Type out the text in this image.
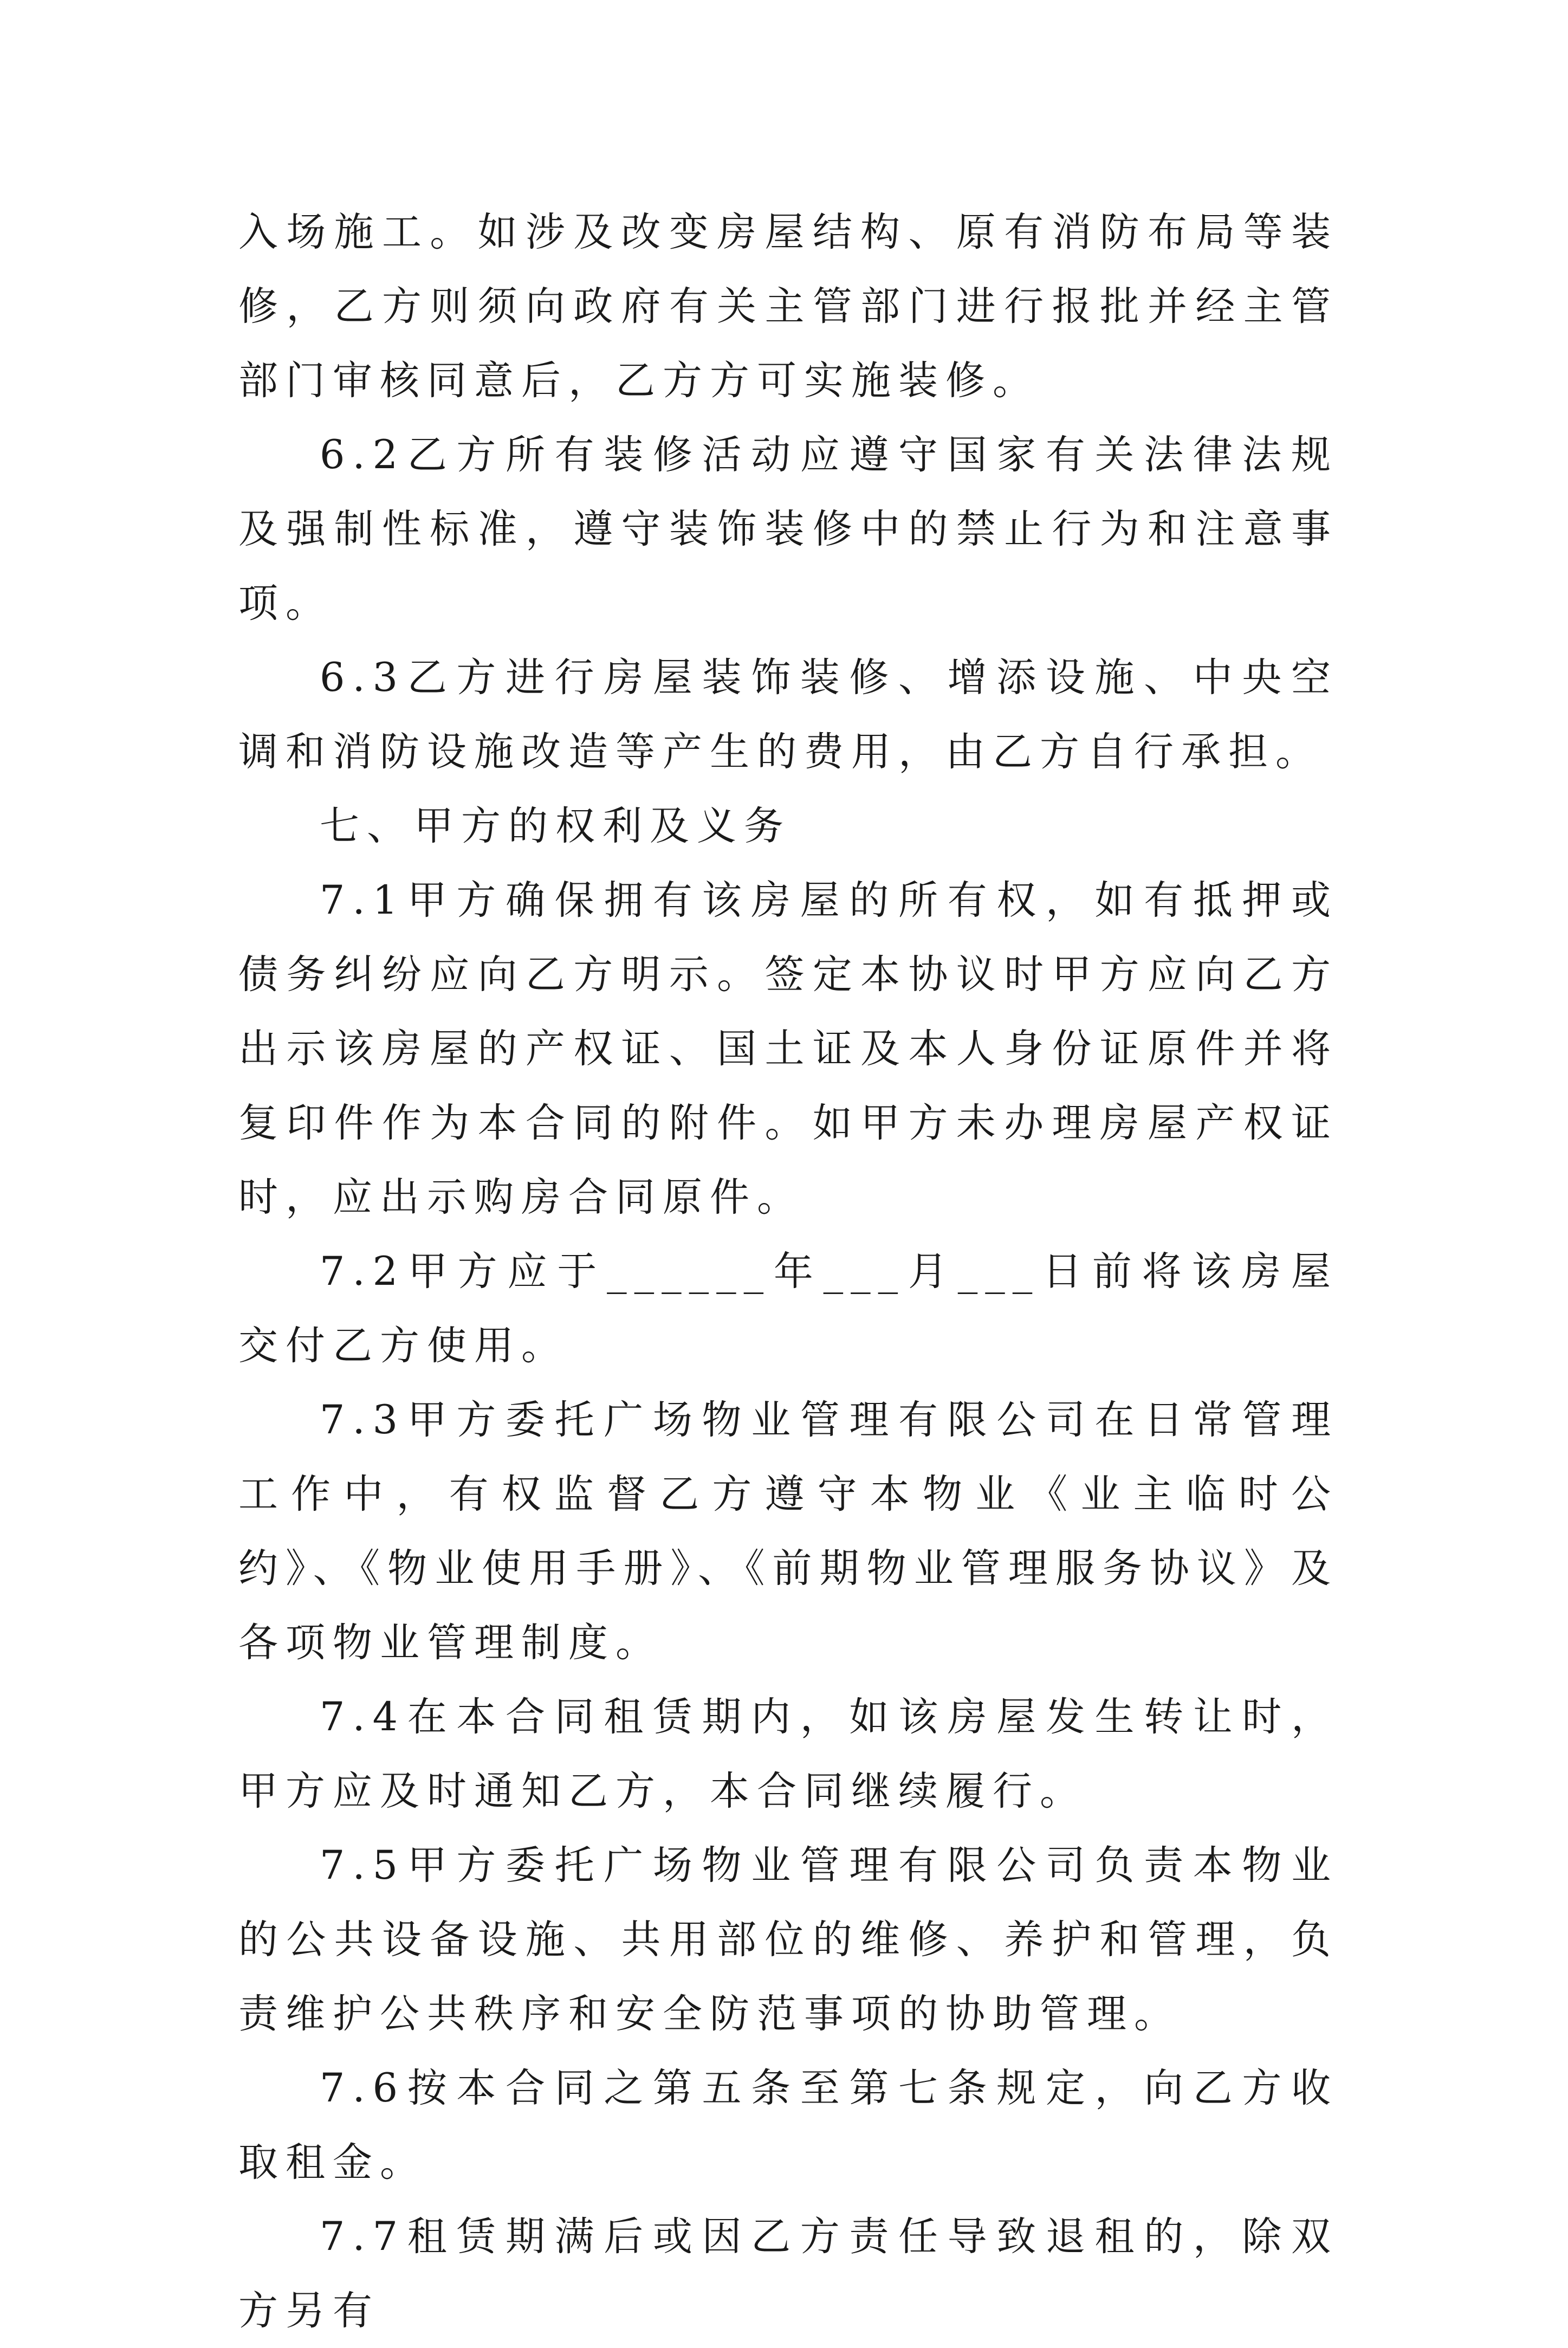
入场施工。如涉及改变房屋结构、原有消防布局等装修，乙方则须向政府有关主管部门进行报批并经主管部门审核同意后，乙方方可实施装修。

6.2乙方所有装修活动应遵守国家有关法律法规及强制性标准，遵守装饰装修中的禁止行为和注意事项。

6.3乙方进行房屋装饰装修、增添设施、中央空调和消防设施改造等产生的费用，由乙方自行承担。

七、甲方的权利及义务

7.1甲方确保拥有该房屋的所有权，如有抵押或债务纠纷应向乙方明示。签定本协议时甲方应向乙方出示该房屋的产权证、国土证及本人身份证原件并将复印件作为本合同的附件。如甲方未办理房屋产权证时，应出示购房合同原件。

7.2甲方应于______年___月___日前将该房屋交付乙方使用。

7.3甲方委托广场物业管理有限公司在日常管理工作中，有权监督乙方遵守本物业《业主临时公约》、《物业使用手册》、《前期物业管理服务协议》及各项物业管理制度。

7.4在本合同租赁期内，如该房屋发生转让时，甲方应及时通知乙方，本合同继续履行。

7.5甲方委托广场物业管理有限公司负责本物业的公共设备设施、共用部位的维修、养护和管理，负责维护公共秩序和安全防范事项的协助管理。

7.6按本合同之第五条至第七条规定，向乙方收取租金。

7.7租赁期满后或因乙方责任导致退租的，除双方另有
